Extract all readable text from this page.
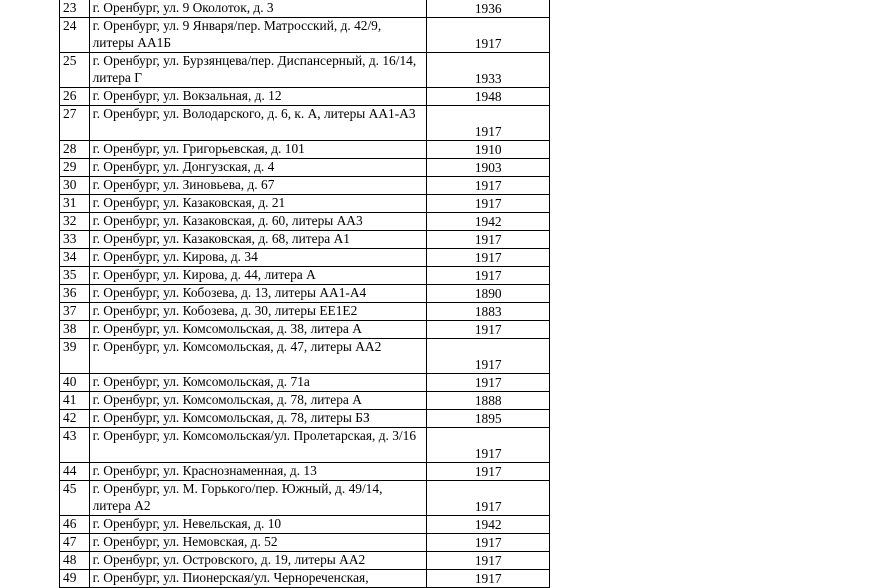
23	г. Оренбург, ул. 9 Околоток, д. 3	1936
24	г. Оренбург, ул. 9 Января/пер. Матросский, д. 42/9, литеры АА1Б	1917
25	г. Оренбург, ул. Бурзянцева/пер. Диспансерный, д. 16/14, литера Г	1933
26	г. Оренбург, ул. Вокзальная, д. 12	1948
27	г. Оренбург, ул. Володарского, д. 6, к. А, литеры АА1-А3	1917
28	г. Оренбург, ул. Григорьевская, д. 101	1910
29	г. Оренбург, ул. Донгузская, д. 4	1903
30	г. Оренбург, ул. Зиновьева, д. 67	1917
31	г. Оренбург, ул. Казаковская, д. 21	1917
32	г. Оренбург, ул. Казаковская, д. 60, литеры АА3	1942
33	г. Оренбург, ул. Казаковская, д. 68, литера А1	1917
34	г. Оренбург, ул. Кирова, д. 34	1917
35	г. Оренбург, ул. Кирова, д. 44, литера А	1917
36	г. Оренбург, ул. Кобозева, д. 13, литеры АА1-А4	1890
37	г. Оренбург, ул. Кобозева, д. 30, литеры ЕЕ1Е2	1883
38	г. Оренбург, ул. Комсомольская, д. 38, литера А	1917
39	г. Оренбург, ул. Комсомольская, д. 47, литеры АА2	1917
40	г. Оренбург, ул. Комсомольская, д. 71а	1917
41	г. Оренбург, ул. Комсомольская, д. 78, литера А	1888
42	г. Оренбург, ул. Комсомольская, д. 78, литеры БЗ	1895
43	г. Оренбург, ул. Комсомольская/ул. Пролетарская, д. 3/16	1917
44	г. Оренбург, ул. Краснознаменная, д. 13	1917
45	г. Оренбург, ул. М. Горького/пер. Южный, д. 49/14, литера А2	1917
46	г. Оренбург, ул. Невельская, д. 10	1942
47	г. Оренбург, ул. Немовская, д. 52	1917
48	г. Оренбург, ул. Островского, д. 19, литеры АА2	1917
49	г. Оренбург, ул. Пионерская/ул. Чернореченская,	1917
